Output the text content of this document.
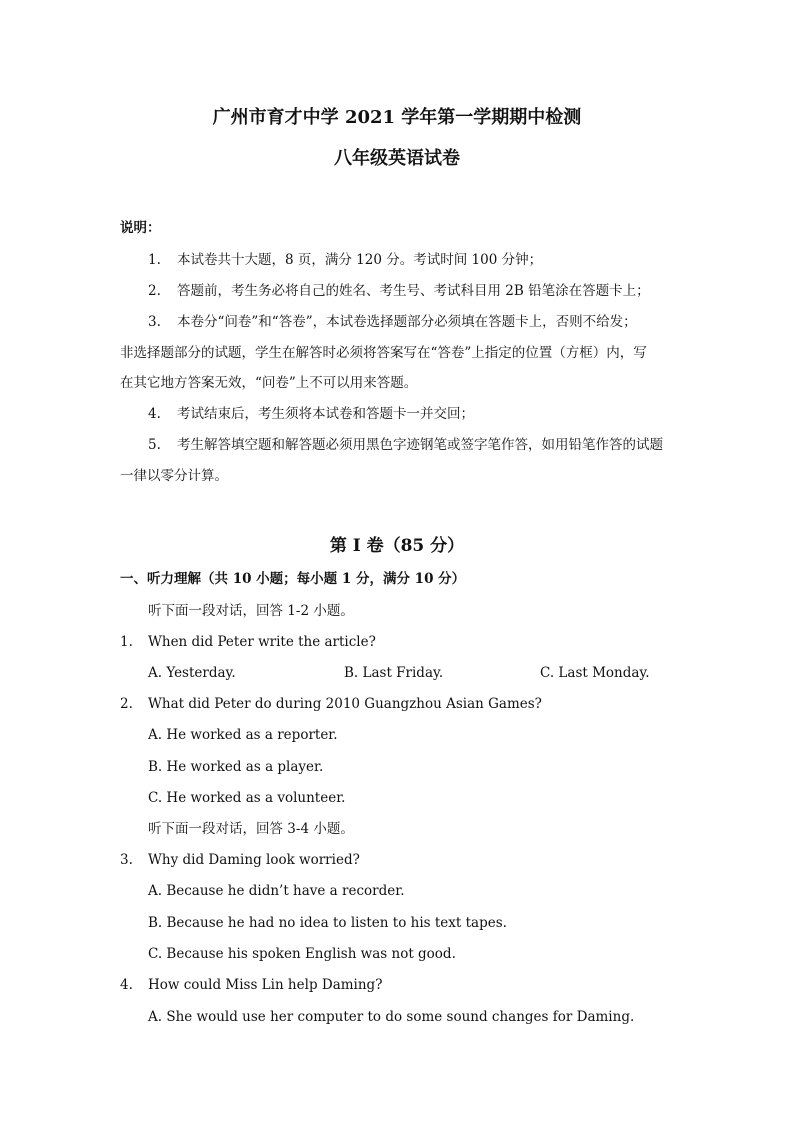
广州市育才中学 2021 学年第一学期期中检测
八年级英语试卷
说明：
1. 本试卷共十大题，8 页，满分 120 分。考试时间 100 分钟；
2. 答题前，考生务必将自己的姓名、考生号、考试科目用 2B 铅笔涂在答题卡上；
3. 本卷分“问卷”和“答卷”，本试卷选择题部分必须填在答题卡上，否则不给发；
非选择题部分的试题，学生在解答时必须将答案写在“答卷”上指定的位置（方框）内，写
在其它地方答案无效，“问卷”上不可以用来答题。
4. 考试结束后，考生须将本试卷和答题卡一并交回；
5. 考生解答填空题和解答题必须用黑色字迹钢笔或签字笔作答，如用铅笔作答的试题
一律以零分计算。
第 I 卷（85 分）
一、听力理解（共 10 小题；每小题 1 分，满分 10 分）
听下面一段对话，回答 1-2 小题。
1. When did Peter write the article?
A. Yesterday.	B. Last Friday.	C. Last Monday.
2. What did Peter do during 2010 Guangzhou Asian Games?
A. He worked as a reporter.
B. He worked as a player.
C. He worked as a volunteer.
听下面一段对话，回答 3-4 小题。
3. Why did Daming look worried?
A. Because he didn’t have a recorder.
B. Because he had no idea to listen to his text tapes.
C. Because his spoken English was not good.
4. How could Miss Lin help Daming?
A. She would use her computer to do some sound changes for Daming.
